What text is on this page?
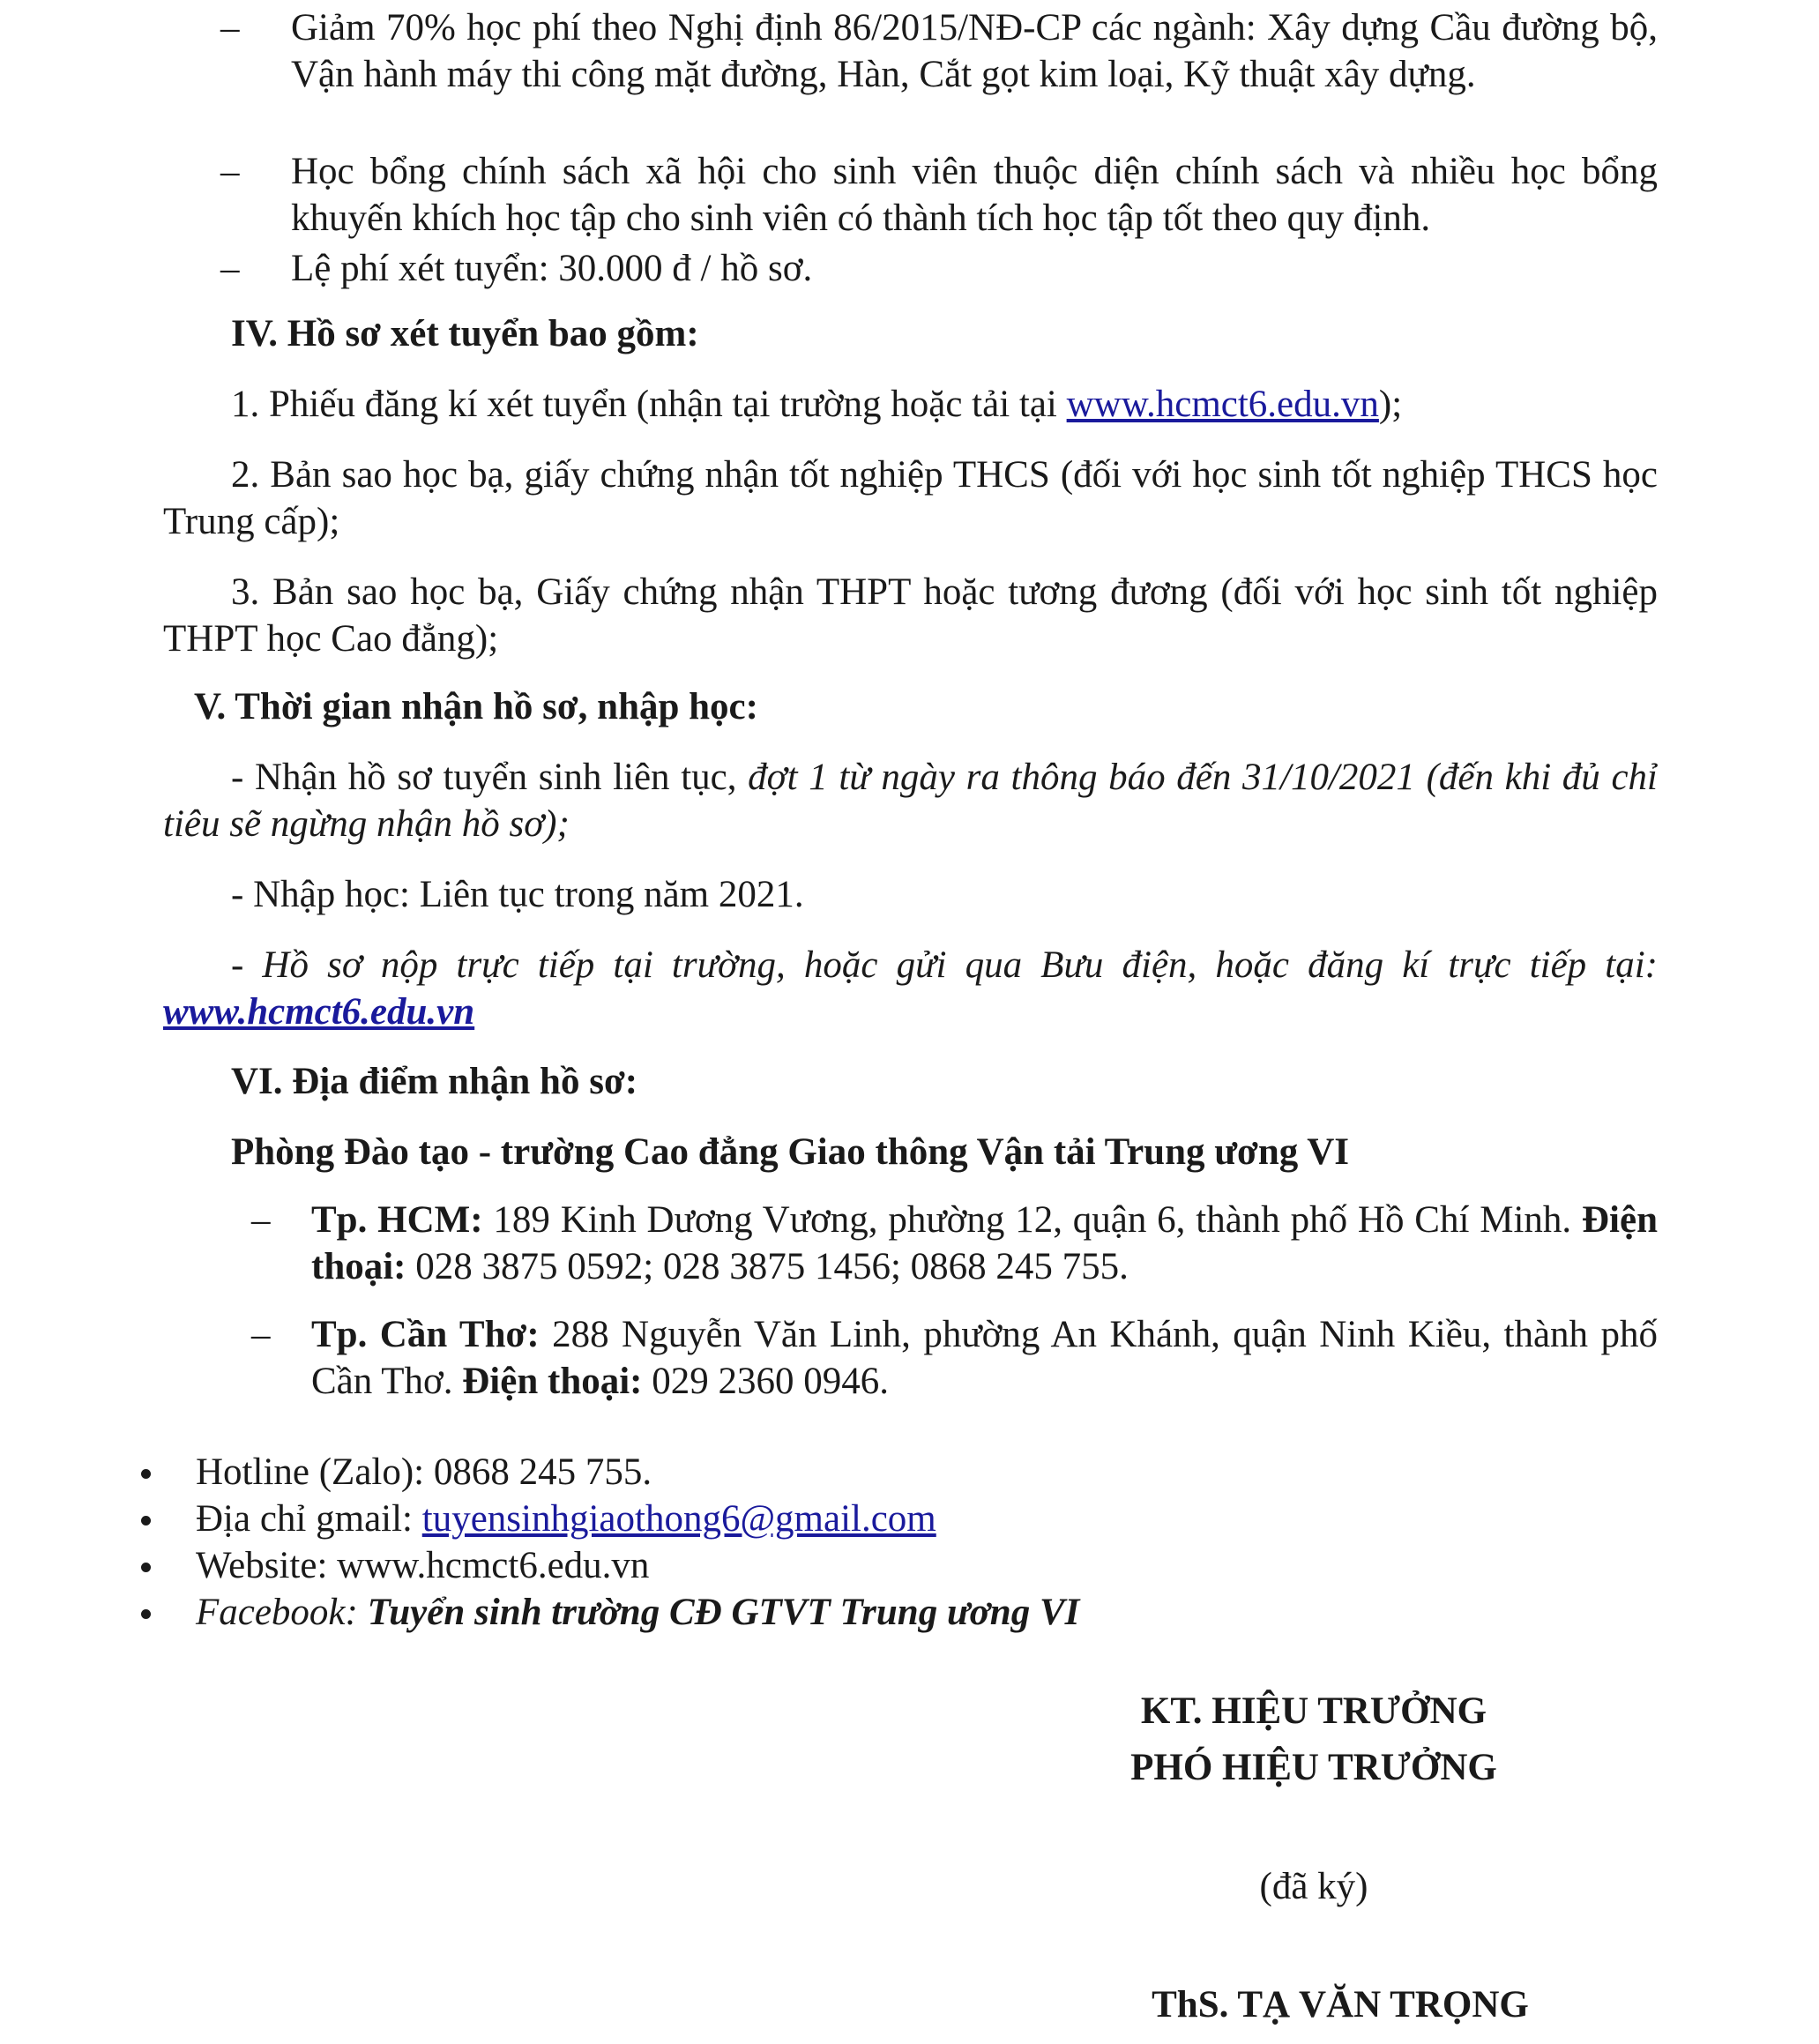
– Giảm 70% học phí theo Nghị định 86/2015/NĐ-CP các ngành: Xây dựng Cầu đường bộ, Vận hành máy thi công mặt đường, Hàn, Cắt gọt kim loại, Kỹ thuật xây dựng.
– Học bổng chính sách xã hội cho sinh viên thuộc diện chính sách và nhiều học bổng khuyến khích học tập cho sinh viên có thành tích học tập tốt theo quy định.
– Lệ phí xét tuyển: 30.000 đ / hồ sơ.
IV. Hồ sơ xét tuyển bao gồm:
1. Phiếu đăng kí xét tuyển (nhận tại trường hoặc tải tại www.hcmct6.edu.vn);
2. Bản sao học bạ, giấy chứng nhận tốt nghiệp THCS (đối với học sinh tốt nghiệp THCS học Trung cấp);
3. Bản sao học bạ, Giấy chứng nhận THPT hoặc tương đương (đối với học sinh tốt nghiệp THPT học Cao đẳng);
V. Thời gian nhận hồ sơ, nhập học:
- Nhận hồ sơ tuyển sinh liên tục, đợt 1 từ ngày ra thông báo đến 31/10/2021 (đến khi đủ chỉ tiêu sẽ ngừng nhận hồ sơ);
- Nhập học: Liên tục trong năm 2021.
- Hồ sơ nộp trực tiếp tại trường, hoặc gửi qua Bưu điện, hoặc đăng kí trực tiếp tại: www.hcmct6.edu.vn
VI. Địa điểm nhận hồ sơ:
Phòng Đào tạo - trường Cao đẳng Giao thông Vận tải Trung ương VI
– Tp. HCM: 189 Kinh Dương Vương, phường 12, quận 6, thành phố Hồ Chí Minh. Điện thoại: 028 3875 0592; 028 3875 1456; 0868 245 755.
– Tp. Cần Thơ: 288 Nguyễn Văn Linh, phường An Khánh, quận Ninh Kiều, thành phố Cần Thơ. Điện thoại: 029 2360 0946.
Hotline (Zalo): 0868 245 755.
Địa chỉ gmail: tuyensinhgiaothong6@gmail.com
Website: www.hcmct6.edu.vn
Facebook: Tuyển sinh trường CĐ GTVT Trung ương VI
KT. HIỆU TRƯỞNG
PHÓ HIỆU TRƯỞNG
(đã ký)
ThS. TẠ VĂN TRỌNG
